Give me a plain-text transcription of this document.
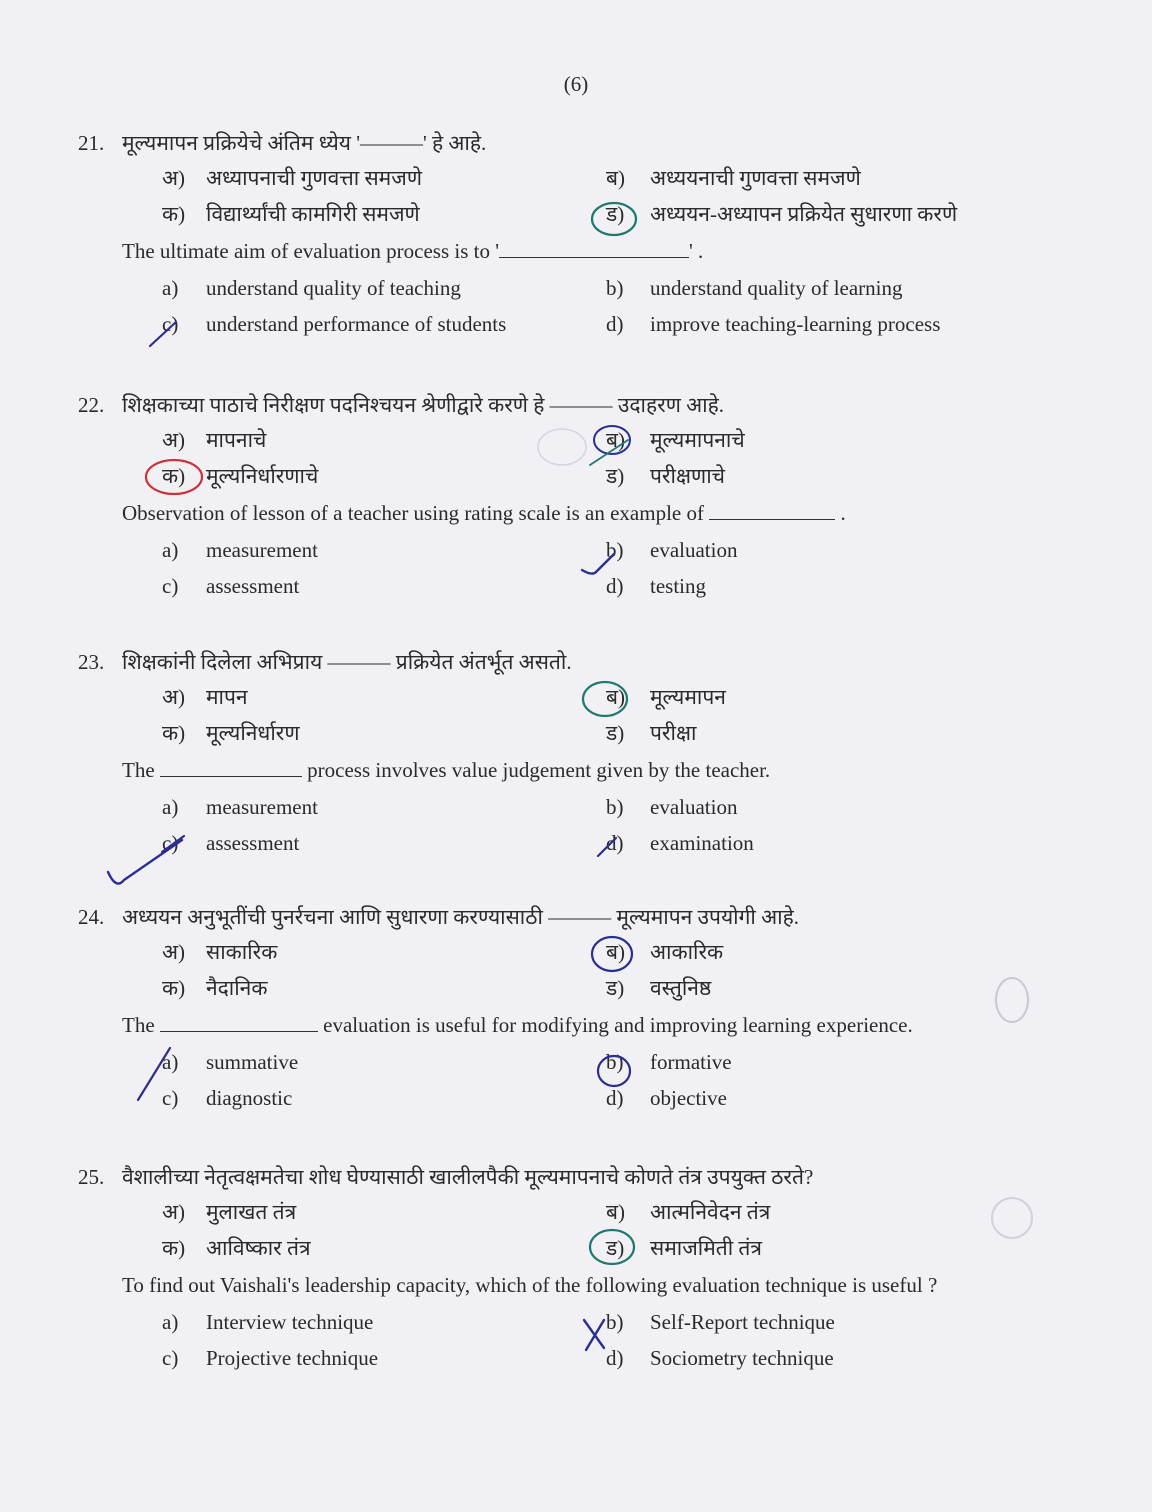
(6)
21. मूल्यमापन प्रक्रियेचे अंतिम ध्येय '———' हे आहे.
अ) अध्यापनाची गुणवत्ता समजणे	ब) अध्ययनाची गुणवत्ता समजणे
क) विद्यार्थ्यांची कामगिरी समजणे	ड) अध्ययन-अध्यापन प्रक्रियेत सुधारणा करणे
The ultimate aim of evaluation process is to '	' .
a) understand quality of teaching	b) understand quality of learning
c) understand performance of students	d) improve teaching-learning process
22. शिक्षकाच्या पाठाचे निरीक्षण पदनिश्चयन श्रेणीद्वारे करणे हे ——— उदाहरण आहे.
अ) मापनाचे	ब) मूल्यमापनाचे
क) मूल्यनिर्धारणाचे	ड) परीक्षणाचे
Observation of lesson of a teacher using rating scale is an example of	.
a) measurement	b) evaluation
c) assessment	d) testing
23. शिक्षकांनी दिलेला अभिप्राय ——— प्रक्रियेत अंतर्भूत असतो.
अ) मापन	ब) मूल्यमापन
क) मूल्यनिर्धारण	ड) परीक्षा
The	process involves value judgement given by the teacher.
a) measurement	b) evaluation
c) assessment	d) examination
24. अध्ययन अनुभूतींची पुनर्रचना आणि सुधारणा करण्यासाठी ——— मूल्यमापन उपयोगी आहे.
अ) साकारिक	ब) आकारिक
क) नैदानिक	ड) वस्तुनिष्ठ
The	evaluation is useful for modifying and improving learning experience.
a) summative	b) formative
c) diagnostic	d) objective
25. वैशालीच्या नेतृत्वक्षमतेचा शोध घेण्यासाठी खालीलपैकी मूल्यमापनाचे कोणते तंत्र उपयुक्त ठरते?
अ) मुलाखत तंत्र	ब) आत्मनिवेदन तंत्र
क) आविष्कार तंत्र	ड) समाजमिती तंत्र
To find out Vaishali's leadership capacity, which of the following evaluation technique is useful ?
a) Interview technique	b) Self-Report technique
c) Projective technique	d) Sociometry technique
